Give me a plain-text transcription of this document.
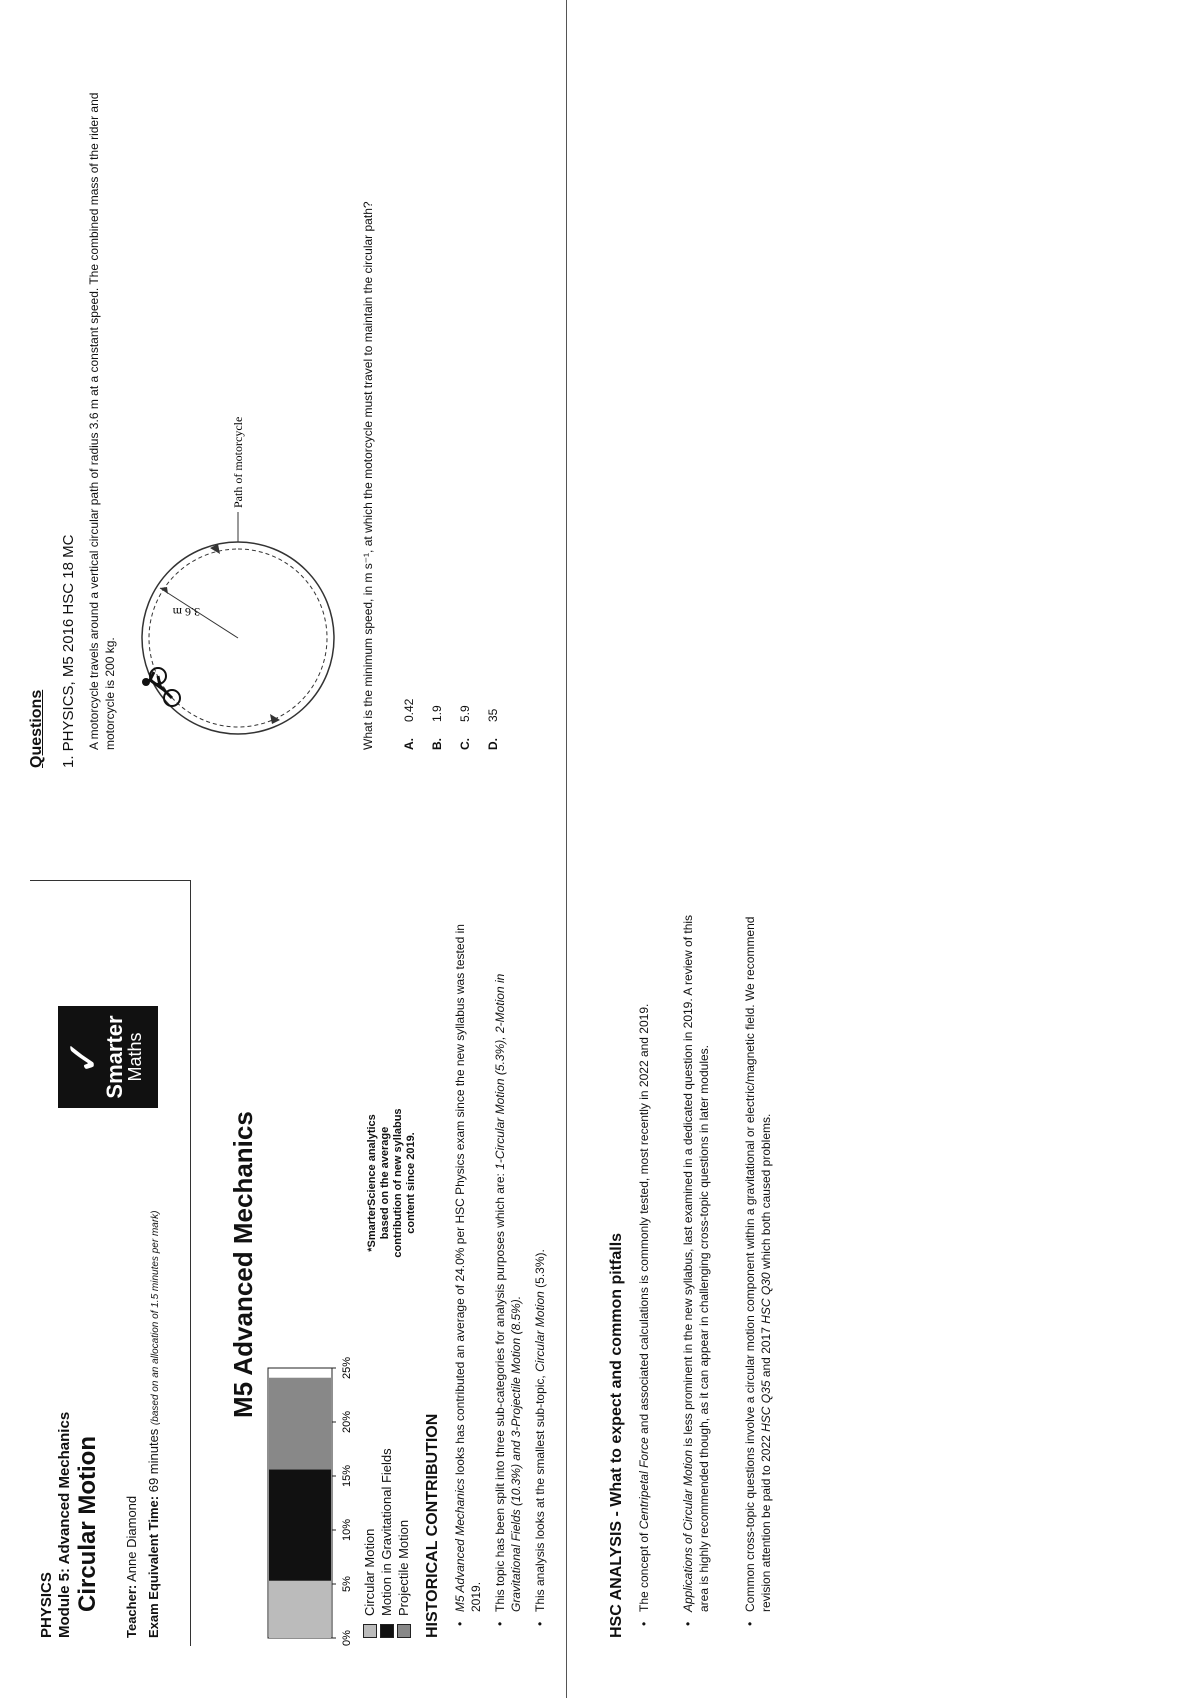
PHYSICS Module 5: Advanced Mechanics Circular Motion Teacher: Anne Diamond Exam Equivalent Time: 69 minutes (based on an allocation of 1.5 minutes per mark)
✓
Smarter
Maths
M5 Advanced Mechanics
0%
5%
10%
15%
20%
25%
Circular Motion Motion in Gravitational Fields Projectile Motion
*SmarterScience analytics based on the average contribution of new syllabus content since 2019.
HISTORICAL CONTRIBUTION • M5 Advanced Mechanics looks has contributed an average of 24.0% per HSC Physics exam since the new syllabus was tested in 2019. • This topic has been split into three sub-categories for analysis purposes which are: 1-Circular Motion (5.3%), 2-Motion in Gravitational Fields (10.3%) and 3-Projectile Motion (8.5%). • This analysis looks at the smallest sub-topic, Circular Motion (5.3%).	HSC ANALYSIS - What to expect and common pitfalls • The concept of Centripetal Force and associated calculations is commonly tested, most recently in 2022 and 2019.
• Applications of Circular Motion is less prominent in the new syllabus, last examined in a dedicated question in 2019. A review of this area is highly recommended though, as it can appear in challenging cross-topic questions in later modules.	• Common cross-topic questions involve a circular motion component within a gravitational or electric/magnetic field. We recommend revision attention be paid to 2022 HSC Q35 and 2017 HSC Q30 which both caused problems.
Questions 1. PHYSICS, M5 2016 HSC 18 MC A motorcycle travels around a vertical circular path of radius 3.6 m at a constant speed. The combined mass of the rider and motorcycle is 200 kg.
3.6 m
Path of motorcycle	What is the minimum speed, in m s⁻¹, at which the motorcycle must travel to maintain the circular path? A.0.42
B.1.9
C.5.9
D.35
